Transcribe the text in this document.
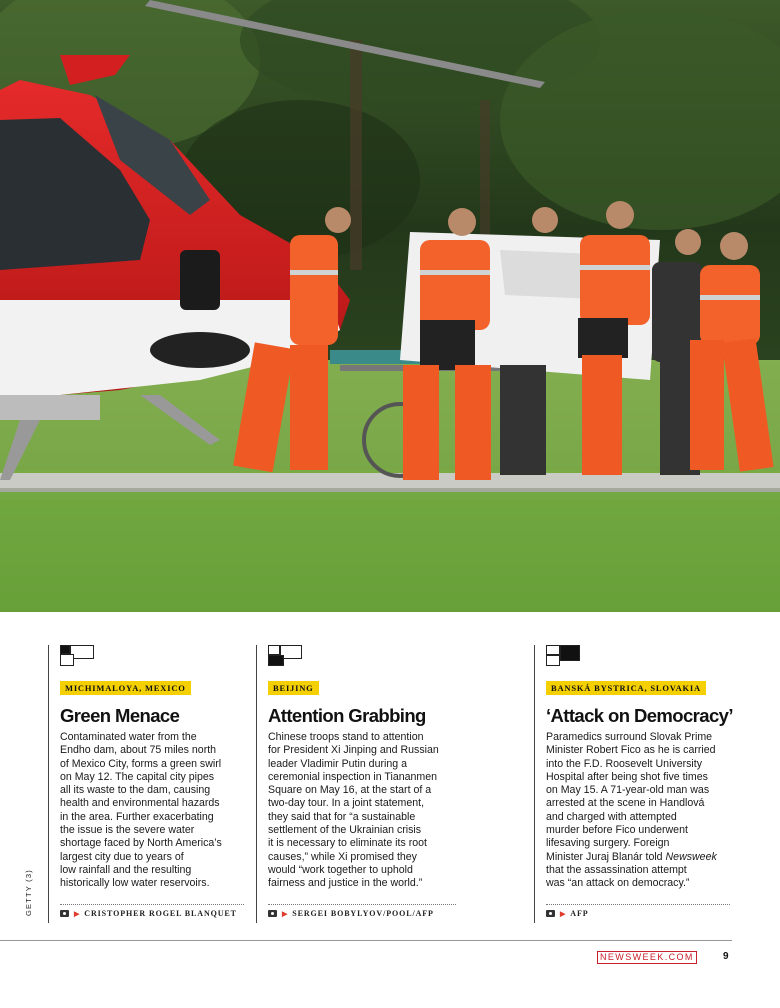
MICHIMALOYA, MEXICO
Green Menace
Contaminated water from the
Endho dam, about 75 miles north
of Mexico City, forms a green swirl
on May 12. The capital city pipes
all its waste to the dam, causing
health and environmental hazards
in the area. Further exacerbating
the issue is the severe water
shortage faced by North America’s
largest city due to years of
low rainfall and the resulting
historically low water reservoirs.
▶ CRISTOPHER ROGEL BLANQUET
BEIJING
Attention Grabbing
Chinese troops stand to attention
for President Xi Jinping and Russian
leader Vladimir Putin during a
ceremonial inspection in Tiananmen
Square on May 16, at the start of a
two-day tour. In a joint statement,
they said that for “a sustainable
settlement of the Ukrainian crisis
it is necessary to eliminate its root
causes,” while Xi promised they
would “work together to uphold
fairness and justice in the world.”
▶ SERGEI BOBYLYOV/POOL/AFP
BANSKÁ BYSTRICA, SLOVAKIA
‘Attack on Democracy’
Paramedics surround Slovak Prime
Minister Robert Fico as he is carried
into the F.D. Roosevelt University
Hospital after being shot five times
on May 15. A 71-year-old man was
arrested at the scene in Handlová
and charged with attempted
murder before Fico underwent
lifesaving surgery. Foreign
Minister Juraj Blanár told Newsweek
that the assassination attempt
was “an attack on democracy.”
▶ AFP
GETTY (3)
NEWSWEEK.COM	9
